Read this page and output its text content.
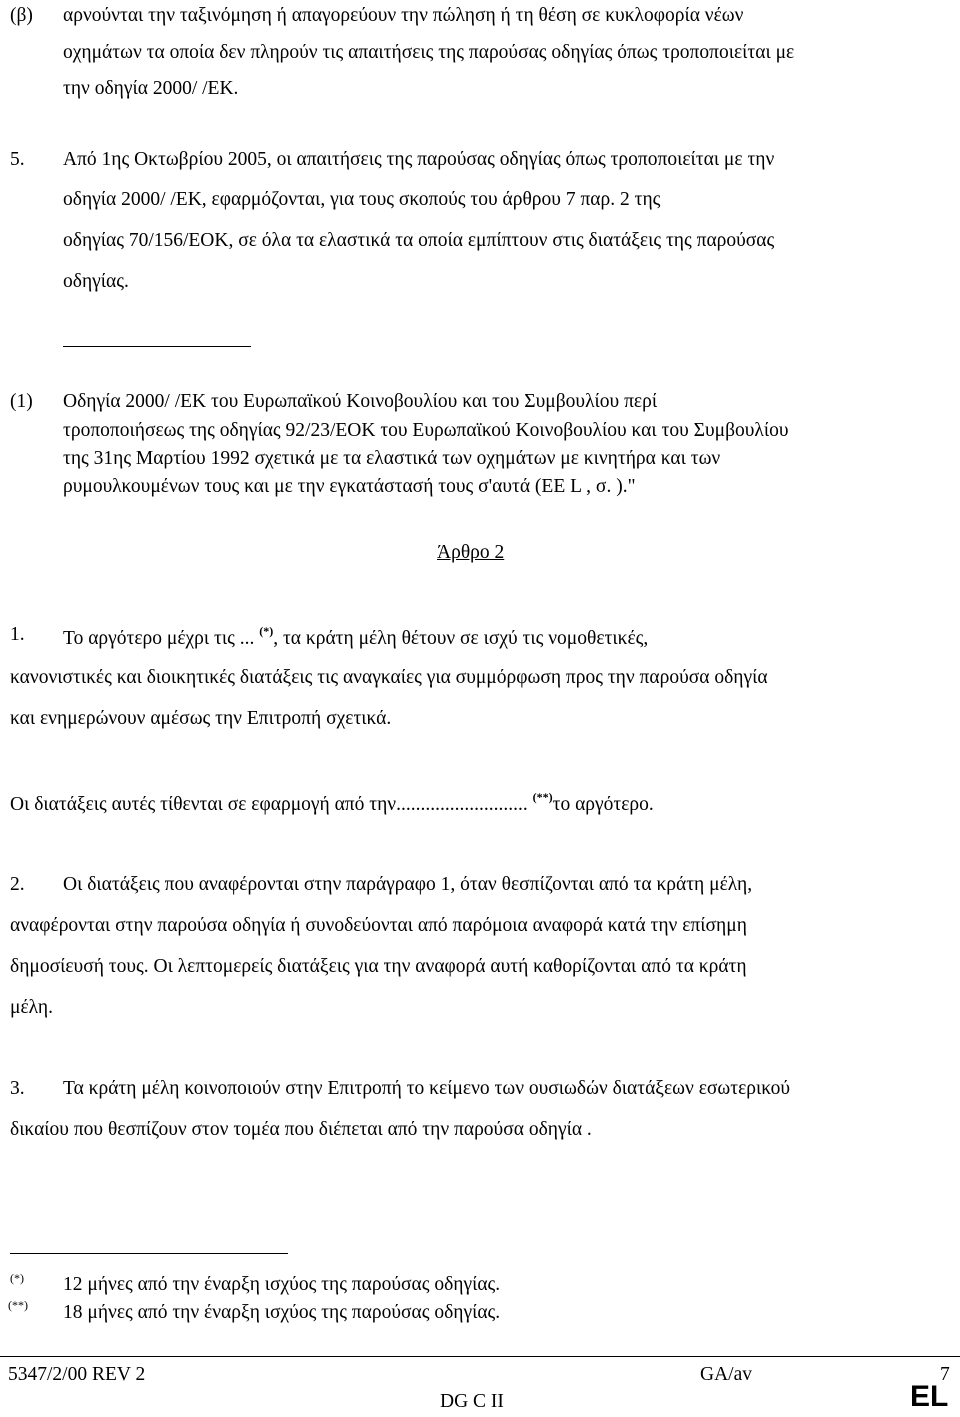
(β) αρνούνται την ταξινόμηση ή απαγορεύουν την πώληση ή τη θέση σε κυκλοφορία νέων
οχημάτων τα οποία δεν πληρούν τις απαιτήσεις της παρούσας οδηγίας όπως τροποποιείται με
την οδηγία 2000/ /ΕΚ.
5. Από 1ης Οκτωβρίου 2005, οι απαιτήσεις της παρούσας οδηγίας όπως τροποποιείται με την
οδηγία 2000/ /ΕΚ, εφαρμόζονται, για τους σκοπούς του άρθρου 7 παρ. 2 της
οδηγίας 70/156/ΕΟΚ, σε όλα τα ελαστικά τα οποία εμπίπτουν στις διατάξεις της παρούσας
οδηγίας.
(1) Οδηγία 2000/ /ΕΚ του Ευρωπαϊκού Κοινοβουλίου και του Συμβουλίου περί
τροποποιήσεως της οδηγίας 92/23/ΕΟΚ του Ευρωπαϊκού Κοινοβουλίου και του Συμβουλίου
της 31ης Μαρτίου 1992 σχετικά με τα ελαστικά των οχημάτων με κινητήρα και των
ρυμουλκουμένων τους και με την εγκατάστασή τους σ'αυτά (ΕΕ L , σ. )."
Άρθρο 2
1. Το αργότερο μέχρι τις ... (*), τα κράτη μέλη θέτουν σε ισχύ τις νομοθετικές,
κανονιστικές και διοικητικές διατάξεις τις αναγκαίες για συμμόρφωση προς την παρούσα οδηγία
και ενημερώνουν αμέσως την Επιτροπή σχετικά.
Οι διατάξεις αυτές τίθενται σε εφαρμογή από την........................... (**)το αργότερο.
2. Οι διατάξεις που αναφέρονται στην παράγραφο 1, όταν θεσπίζονται από τα κράτη μέλη,
αναφέρονται στην παρούσα οδηγία ή συνοδεύονται από παρόμοια αναφορά κατά την επίσημη
δημοσίευσή τους. Οι λεπτομερείς διατάξεις για την αναφορά αυτή καθορίζονται από τα κράτη
μέλη.
3. Τα κράτη μέλη κοινοποιούν στην Επιτροπή το κείμενο των ουσιωδών διατάξεων εσωτερικού
δικαίου που θεσπίζουν στον τομέα που διέπεται από την παρούσα οδηγία .
(*) 12 μήνες από την έναρξη ισχύος της παρούσας οδηγίας.
(**) 18 μήνες από την έναρξη ισχύος της παρούσας οδηγίας.
5347/2/00 REV 2	GA/av	7
DG C II	EL
